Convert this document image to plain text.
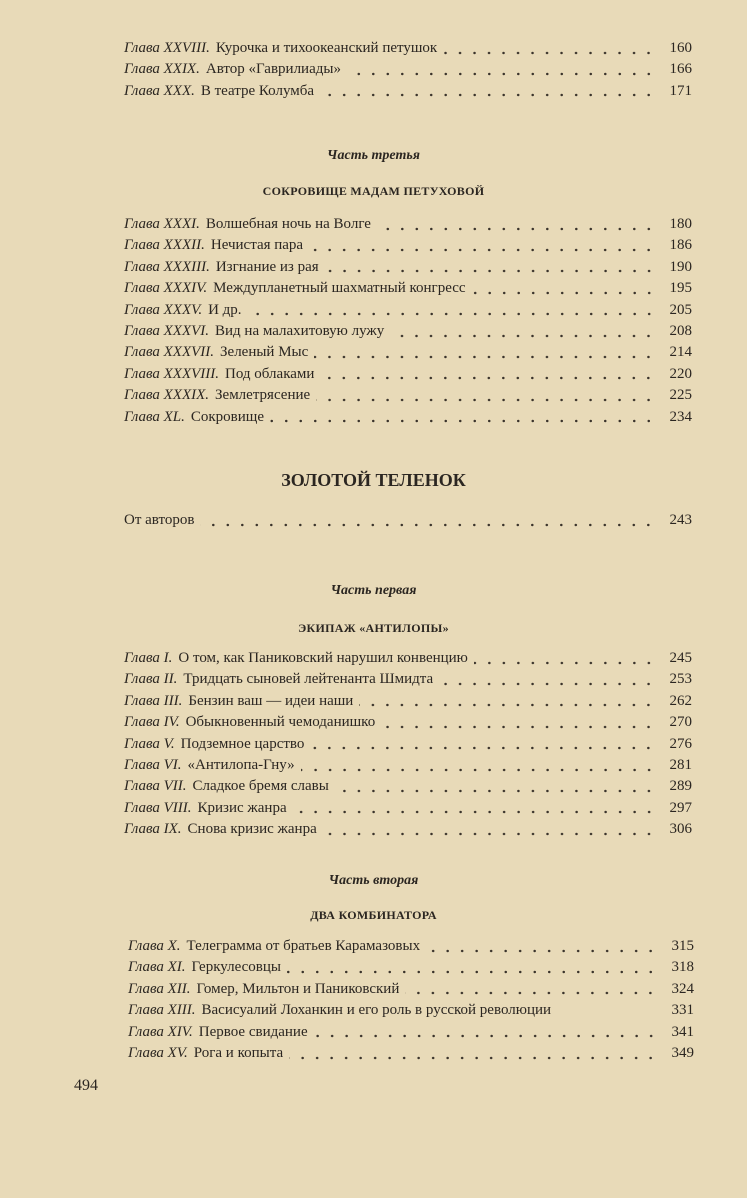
Глава XXVIII. Курочка и тихоокеанский петушок	160
Глава XXIX. Автор «Гаврилиады»	166
Глава XXX. В театре Колумба	171
Часть третья
СОКРОВИЩЕ МАДАМ ПЕТУХОВОЙ
Глава XXXI. Волшебная ночь на Волге	180
Глава XXXII. Нечистая пара	186
Глава XXXIII. Изгнание из рая	190
Глава XXXIV. Междупланетный шахматный конгресс	195
Глава XXXV. И др.	205
Глава XXXVI. Вид на малахитовую лужу	208
Глава XXXVII. Зеленый Мыс	214
Глава XXXVIII. Под облаками	220
Глава XXXIX. Землетрясение	225
Глава XL. Сокровище	234
ЗОЛОТОЙ ТЕЛЕНОК
От авторов	243
Часть первая
ЭКИПАЖ «АНТИЛОПЫ»
Глава I. О том, как Паниковский нарушил конвенцию	245
Глава II. Тридцать сыновей лейтенанта Шмидта	253
Глава III. Бензин ваш — идеи наши	262
Глава IV. Обыкновенный чемоданишко	270
Глава V. Подземное царство	276
Глава VI. «Антилопа-Гну»	281
Глава VII. Сладкое бремя славы	289
Глава VIII. Кризис жанра	297
Глава IX. Снова кризис жанра	306
Часть вторая
ДВА КОМБИНАТОРА
Глава X. Телеграмма от братьев Карамазовых	315
Глава XI. Геркулесовцы	318
Глава XII. Гомер, Мильтон и Паниковский	324
Глава XIII. Васисуалий Лоханкин и его роль в русской революции	331
Глава XIV. Первое свидание	341
Глава XV. Рога и копыта	349
494
